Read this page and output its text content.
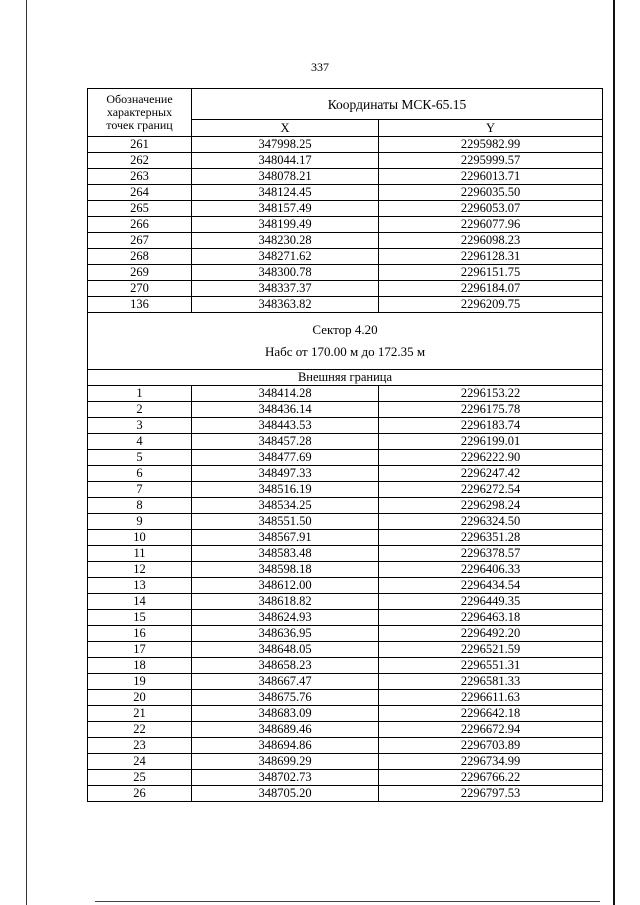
337
Обозначение
характерных
точек границ	Координаты МСК-65.15	
	X	Y
261	347998.25	2295982.99
262	348044.17	2295999.57
263	348078.21	2296013.71
264	348124.45	2296035.50
265	348157.49	2296053.07
266	348199.49	2296077.96
267	348230.28	2296098.23
268	348271.62	2296128.31
269	348300.78	2296151.75
270	348337.37	2296184.07
136	348363.82	2296209.75

Сектор 4.20
Набс от 170.00 м до 172.35 м		

Внешняя граница		
1	348414.28	2296153.22
2	348436.14	2296175.78
3	348443.53	2296183.74
4	348457.28	2296199.01
5	348477.69	2296222.90
6	348497.33	2296247.42
7	348516.19	2296272.54
8	348534.25	2296298.24
9	348551.50	2296324.50
10	348567.91	2296351.28
11	348583.48	2296378.57
12	348598.18	2296406.33
13	348612.00	2296434.54
14	348618.82	2296449.35
15	348624.93	2296463.18
16	348636.95	2296492.20
17	348648.05	2296521.59
18	348658.23	2296551.31
19	348667.47	2296581.33
20	348675.76	2296611.63
21	348683.09	2296642.18
22	348689.46	2296672.94
23	348694.86	2296703.89
24	348699.29	2296734.99
25	348702.73	2296766.22
26	348705.20	2296797.53
